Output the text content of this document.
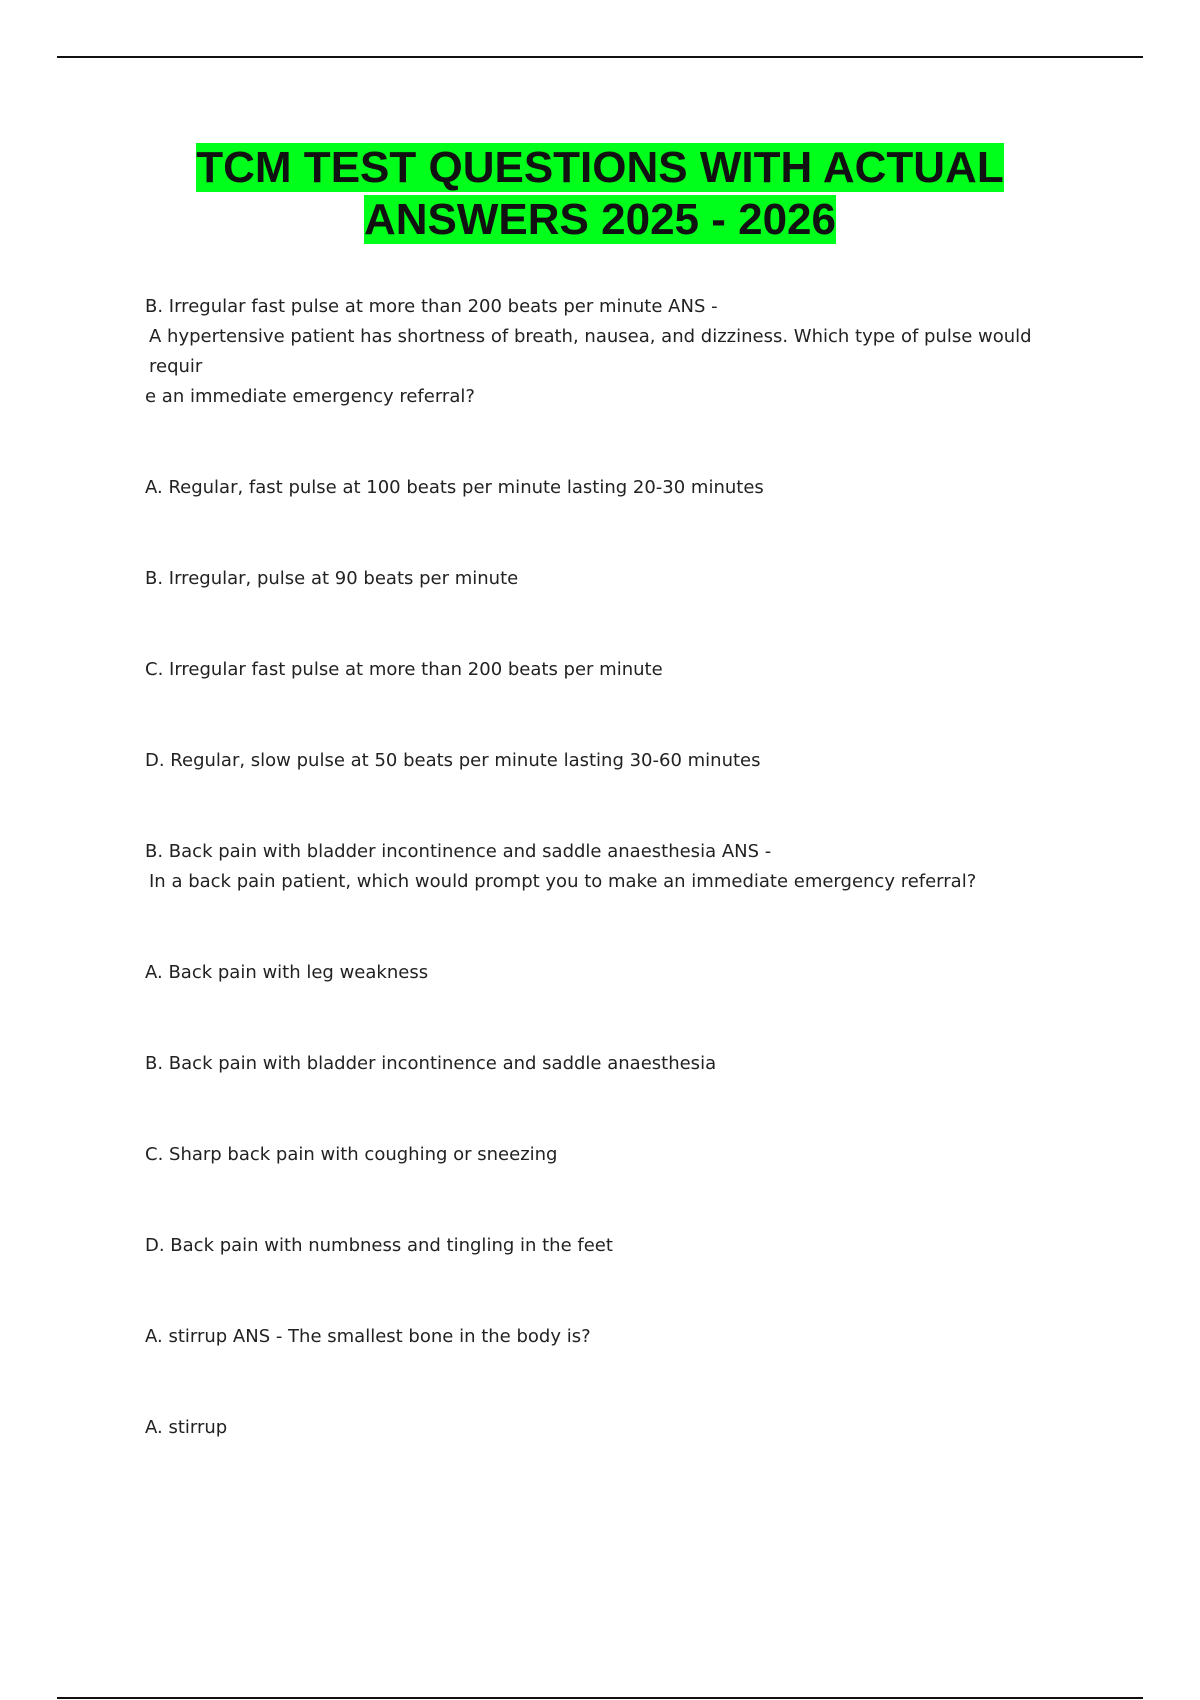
TCM TEST QUESTIONS WITH ACTUAL
ANSWERS 2025 - 2026

B. Irregular fast pulse at more than 200 beats per minute ANS -

A hypertensive patient has shortness of breath, nausea, and dizziness. Which type of pulse would requir

e an immediate emergency referral?

A. Regular, fast pulse at 100 beats per minute lasting 20-30 minutes

B. Irregular, pulse at 90 beats per minute

C. Irregular fast pulse at more than 200 beats per minute

D. Regular, slow pulse at 50 beats per minute lasting 30-60 minutes

B. Back pain with bladder incontinence and saddle anaesthesia ANS -

In a back pain patient, which would prompt you to make an immediate emergency referral?

A. Back pain with leg weakness

B. Back pain with bladder incontinence and saddle anaesthesia

C. Sharp back pain with coughing or sneezing

D. Back pain with numbness and tingling in the feet

A. stirrup ANS - The smallest bone in the body is?

A. stirrup
